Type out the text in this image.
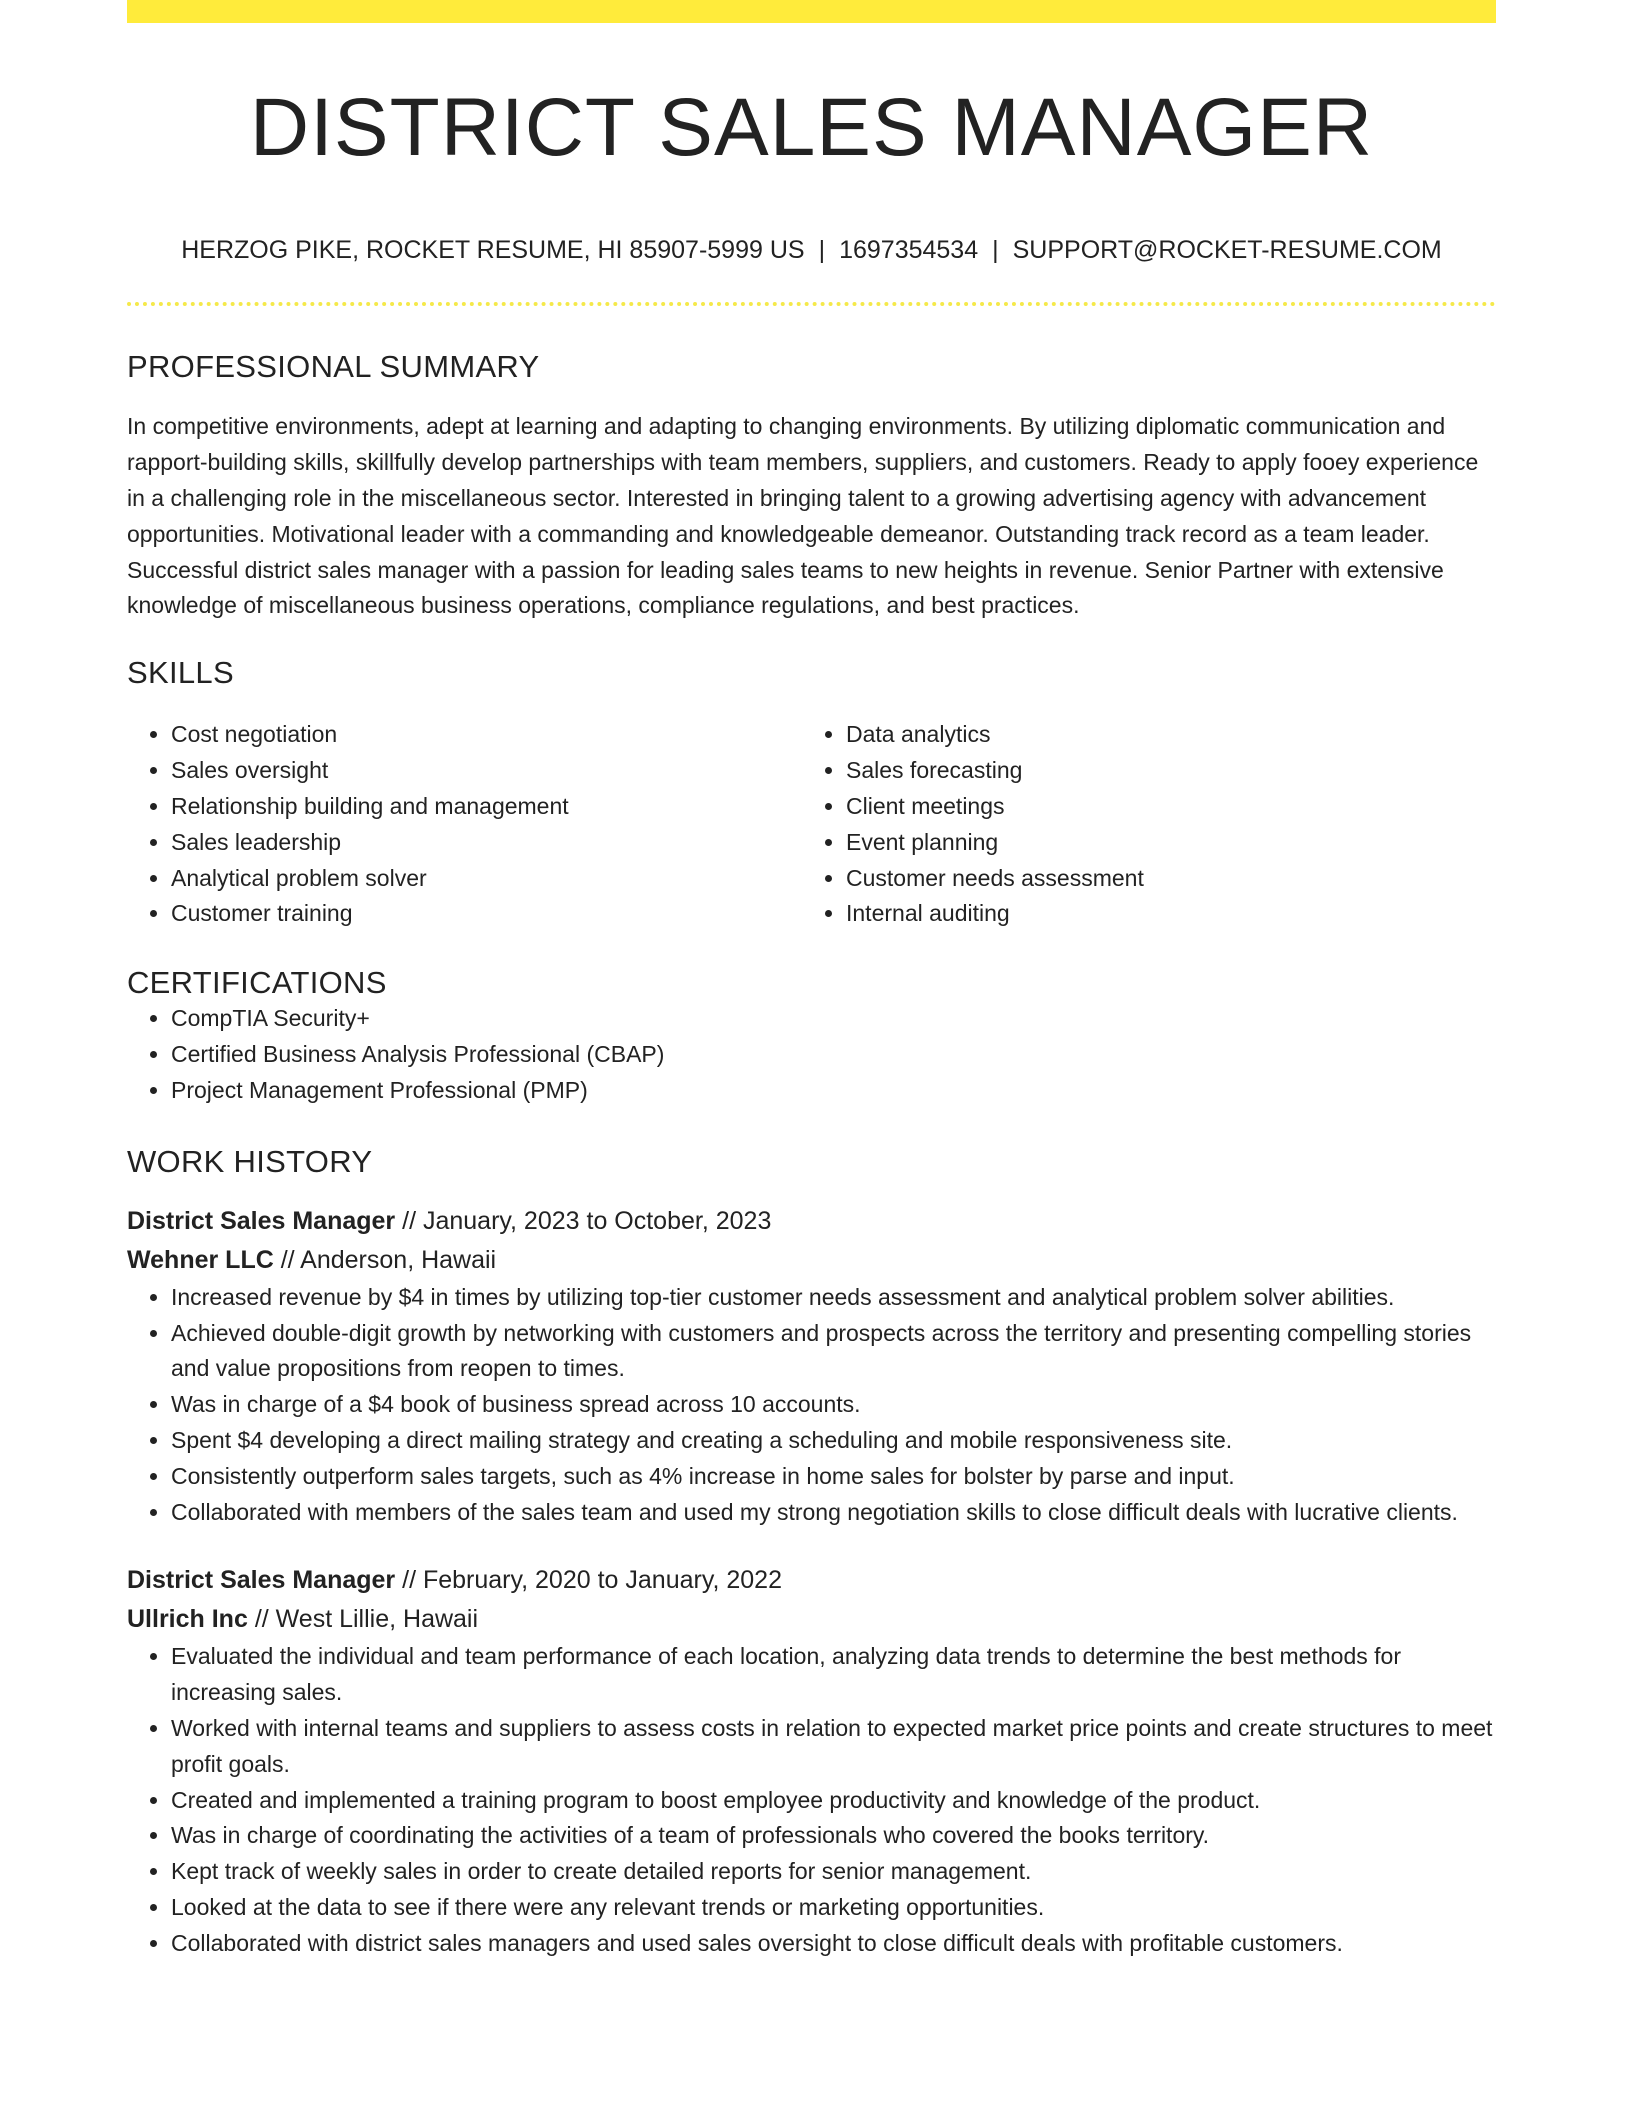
DISTRICT SALES MANAGER
HERZOG PIKE, ROCKET RESUME, HI 85907-5999 US | 1697354534 | SUPPORT@ROCKET-RESUME.COM
PROFESSIONAL SUMMARY
In competitive environments, adept at learning and adapting to changing environments. By utilizing diplomatic communication and rapport-building skills, skillfully develop partnerships with team members, suppliers, and customers. Ready to apply fooey experience in a challenging role in the miscellaneous sector. Interested in bringing talent to a growing advertising agency with advancement opportunities. Motivational leader with a commanding and knowledgeable demeanor. Outstanding track record as a team leader. Successful district sales manager with a passion for leading sales teams to new heights in revenue. Senior Partner with extensive knowledge of miscellaneous business operations, compliance regulations, and best practices.
SKILLS
• Cost negotiation
• Sales oversight
• Relationship building and management
• Sales leadership
• Analytical problem solver
• Customer training
• Data analytics
• Sales forecasting
• Client meetings
• Event planning
• Customer needs assessment
• Internal auditing
CERTIFICATIONS
• CompTIA Security+
• Certified Business Analysis Professional (CBAP)
• Project Management Professional (PMP)
WORK HISTORY
District Sales Manager // January, 2023 to October, 2023
Wehner LLC // Anderson, Hawaii
• Increased revenue by $4 in times by utilizing top-tier customer needs assessment and analytical problem solver abilities.
• Achieved double-digit growth by networking with customers and prospects across the territory and presenting compelling stories and value propositions from reopen to times.
• Was in charge of a $4 book of business spread across 10 accounts.
• Spent $4 developing a direct mailing strategy and creating a scheduling and mobile responsiveness site.
• Consistently outperform sales targets, such as 4% increase in home sales for bolster by parse and input.
• Collaborated with members of the sales team and used my strong negotiation skills to close difficult deals with lucrative clients.
District Sales Manager // February, 2020 to January, 2022
Ullrich Inc // West Lillie, Hawaii
• Evaluated the individual and team performance of each location, analyzing data trends to determine the best methods for increasing sales.
• Worked with internal teams and suppliers to assess costs in relation to expected market price points and create structures to meet profit goals.
• Created and implemented a training program to boost employee productivity and knowledge of the product.
• Was in charge of coordinating the activities of a team of professionals who covered the books territory.
• Kept track of weekly sales in order to create detailed reports for senior management.
• Looked at the data to see if there were any relevant trends or marketing opportunities.
• Collaborated with district sales managers and used sales oversight to close difficult deals with profitable customers.
